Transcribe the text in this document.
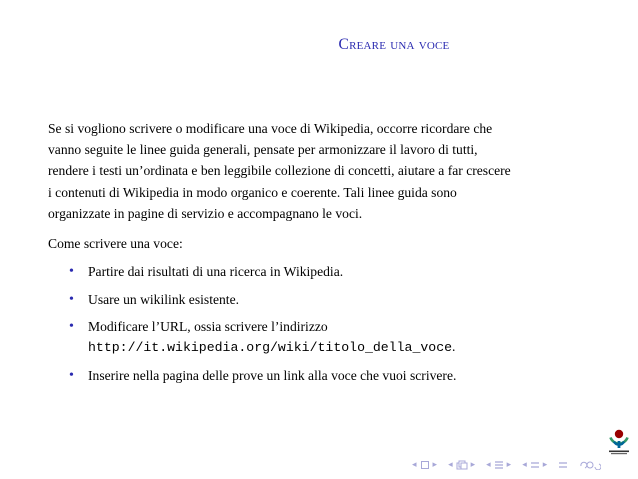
Creare una voce
Se si vogliono scrivere o modificare una voce di Wikipedia, occorre ricordare che
vanno seguite le linee guida generali, pensate per armonizzare il lavoro di tutti,
rendere i testi un’ordinata e ben leggibile collezione di concetti, aiutare a far crescere
i contenuti di Wikipedia in modo organico e coerente. Tali linee guida sono
organizzate in pagine di servizio e accompagnano le voci.
Come scrivere una voce:
• Partire dai risultati di una ricerca in Wikipedia.
• Usare un wikilink esistente.
• Modificare l’URL, ossia scrivere l’indirizzo
http://it.wikipedia.org/wiki/titolo_della_voce.
• Inserire nella pagina delle prove un link alla voce che vuoi scrivere.
◂ ▸ ◂ ▸ ◂ ▸ ◂ ▸
